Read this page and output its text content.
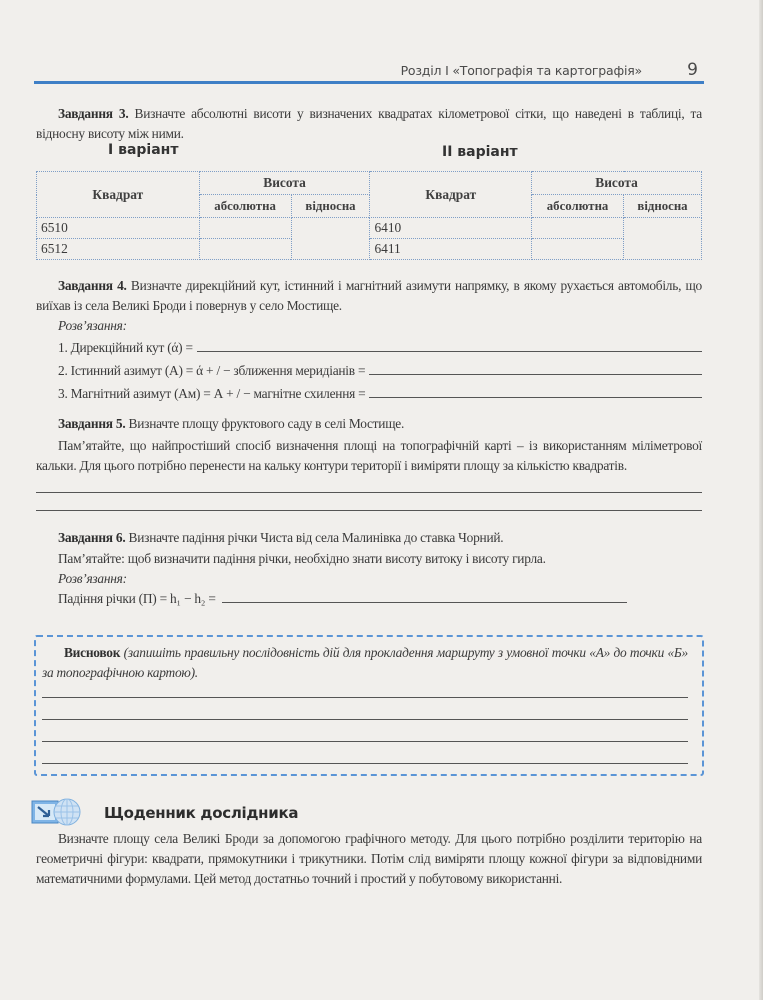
Розділ І «Топографія та картографія»	9

Завдання 3. Визначте абсолютні висоти у визначених квадратах кілометрової сітки, що наведені в таблиці, та відносну висоту між ними.

І варіант	ІІ варіант
Квадрат	Висота		Квадрат	Висота	
	абсолютна	відносна		абсолютна	відносна
6510			6410		
6512			6411		

Завдання 4. Визначте дирекційний кут, істинний і магнітний азимути напрямку, в якому рухається автомобіль, що виїхав із села Великі Броди і повернув у село Мостище.

Розв’язання:

1. Дирекційний кут (ά) =
2. Істинний азимут (А) = ά + / − зближення меридіанів =
3. Магнітний азимут (Ам) = А + / − магнітне схилення =

Завдання 5. Визначте площу фруктового саду в селі Мостище.

Пам’ятайте, що найпростіший спосіб визначення площі на топографічній карті – із використанням міліметрової кальки. Для цього потрібно перенести на кальку контури території і виміряти площу за кількістю квадратів.

Завдання 6. Визначте падіння річки Чиста від села Малинівка до ставка Чорний.

Пам’ятайте: щоб визначити падіння річки, необхідно знати висоту витоку і висоту гирла.

Розв’язання:

Падіння річки (П) = h₁ − h₂ =

Висновок (запишіть правильну послідовність дій для прокладення маршруту з умовної точки «А» до точки «Б» за топографічною картою).

Щоденник дослідника

Визначте площу села Великі Броди за допомогою графічного методу. Для цього потрібно розділити територію на геометричні фігури: квадрати, прямокутники і трикутники. Потім слід виміряти площу кожної фігури за відповідними математичними формулами. Цей метод достатньо точний і простий у побутовому використанні.
